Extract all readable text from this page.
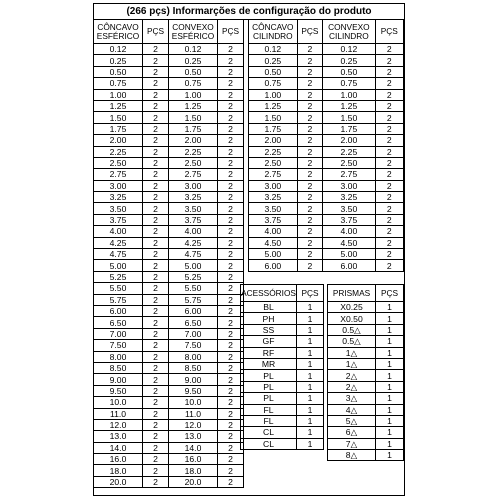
(266 pçs) Informarções de configuração do produto
CÔNCAVO ESFÉRICO	PÇS	CONVEXO ESFÉRICO	PÇS
0.12	2	0.12	2
0.25	2	0.25	2
0.50	2	0.50	2
0.75	2	0.75	2
1.00	2	1.00	2
1.25	2	1.25	2
1.50	2	1.50	2
1.75	2	1.75	2
2.00	2	2.00	2
2.25	2	2.25	2
2.50	2	2.50	2
2.75	2	2.75	2
3.00	2	3.00	2
3.25	2	3.25	2
3.50	2	3.50	2
3.75	2	3.75	2
4.00	2	4.00	2
4.25	2	4.25	2
4.75	2	4.75	2
5.00	2	5.00	2
5.25	2	5.25	2
5.50	2	5.50	2
5.75	2	5.75	2
6.00	2	6.00	2
6.50	2	6.50	2
7.00	2	7.00	2
7.50	2	7.50	2
8.00	2	8.00	2
8.50	2	8.50	2
9.00	2	9.00	2
9.50	2	9.50	2
10.0	2	10.0	2
11.0	2	11.0	2
12.0	2	12.0	2
13.0	2	13.0	2
14.0	2	14.0	2
16.0	2	16.0	2
18.0	2	18.0	2
20.0	2	20.0	2
CÔNCAVO CILINDRO	PÇS	CONVEXO CILINDRO	PÇS
0.12	2	0.12	2
0.25	2	0.25	2
0.50	2	0.50	2
0.75	2	0.75	2
1.00	2	1.00	2
1.25	2	1.25	2
1.50	2	1.50	2
1.75	2	1.75	2
2.00	2	2.00	2
2.25	2	2.25	2
2.50	2	2.50	2
2.75	2	2.75	2
3.00	2	3.00	2
3.25	2	3.25	2
3.50	2	3.50	2
3.75	2	3.75	2
4.00	2	4.00	2
4.50	2	4.50	2
5.00	2	5.00	2
6.00	2	6.00	2
ACESSÓRIOS	PÇS
BL	1
PH	1
SS	1
GF	1
RF	1
MR	1
PL	1
PL	1
PL	1
FL	1
FL	1
CL	1
CL	1
PRISMAS	PÇS
X0.25	1
X0.50	1
0.5△	1
0.5△	1
1△	1
1△	1
2△	1
2△	1
3△	1
4△	1
5△	1
6△	1
7△	1
8△	1
